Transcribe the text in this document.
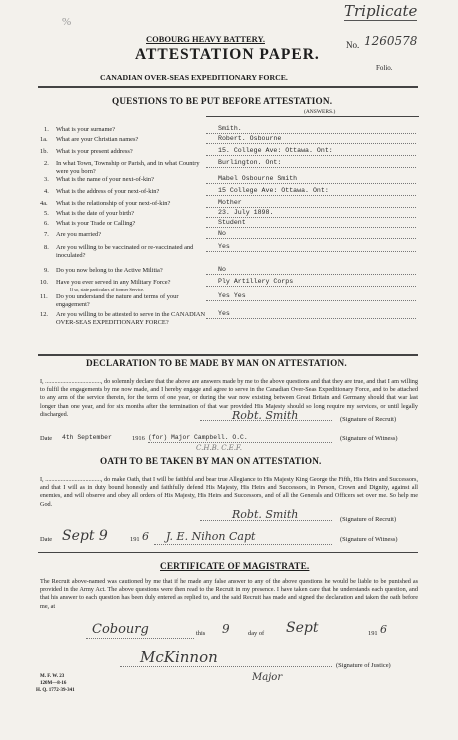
%
Triplicate
COBOURG HEAVY BATTERY.
ATTESTATION PAPER.
No. 1260578
Folio.
CANADIAN OVER-SEAS EXPEDITIONARY FORCE.
QUESTIONS TO BE PUT BEFORE ATTESTATION.
(ANSWERS.)
1. What is your surname?	Smith.
1a. What are your Christian names?	Robert. Osbourne
1b. What is your present address?	15. College Ave: Ottawa. Ont:
2. In what Town, Township or Parish, and in what Country were you born?
Burlington. Ont:
3. What is the name of your next-of-kin?	Mabel Osbourne Smith
4. What is the address of your next-of-kin?	15 College Ave: Ottawa. Ont:
4a. What is the relationship of your next-of-kin?	Mother
5. What is the date of your birth?	23. July 1898.
6. What is your Trade or Calling?	Student
7. Are you married?	No
8. Are you willing to be vaccinated or re-vaccinated and inoculated?
Yes
9. Do you now belong to the Active Militia?	No
10. Have you ever served in any Military Force?	Ply Artillery Corps
If so, state particulars of former Service.
11. Do you understand the nature and terms of your engagement?
Yes Yes
12. Are you willing to be attested to serve in the CANADIAN OVER-SEAS EXPEDITIONARY FORCE?
Yes
DECLARATION TO BE MADE BY MAN ON ATTESTATION.
I, ...................................., do solemnly declare that the above are answers made by me to the above questions and that they are true, and that I am willing to fulfil the engagements by me now made, and I hereby engage and agree to serve in the Canadian Over-Seas Expeditionary Force, and to be attached to any arm of the service therein, for the term of one year, or during the war now existing between Great Britain and Germany should that war last longer than one year, and for six months after the termination of that war provided His Majesty should so long require my services, or until legally discharged.	Robt. Smith	(Signature of Recruit)
Date 4th September	1916 (for) Major Campbell. O.C.	(Signature of Witness)
C.H.B. C.E.F.
OATH TO BE TAKEN BY MAN ON ATTESTATION.
I, ...................................., do make Oath, that I will be faithful and bear true Allegiance to His Majesty King George the Fifth, His Heirs and Successors, and that I will as in duty bound honestly and faithfully defend His Majesty, His Heirs and Successors, in Person, Crown and Dignity, against all enemies, and will observe and obey all orders of His Majesty, His Heirs and Successors, and of all the Generals and Officers set over me. So help me God.
Robt. Smith	(Signature of Recruit)
Date Sept 9	191 6 J. E. Nihon Capt	(Signature of Witness)
CERTIFICATE OF MAGISTRATE.
The Recruit above-named was cautioned by me that if he made any false answer to any of the above questions he would be liable to be punished as provided in the Army Act. The above questions were then read to the Recruit in my presence. I have taken care that he understands each question, and that his answer to each question has been duly entered as replied to, and the said Recruit has made and signed the declaration and taken the oath before me, at
Cobourg	this 9	day of Sept	191 6
McKinnon	(Signature of Justice)
Major
M. F. W. 23
120M—8-16
H. Q. 1772-39-341
